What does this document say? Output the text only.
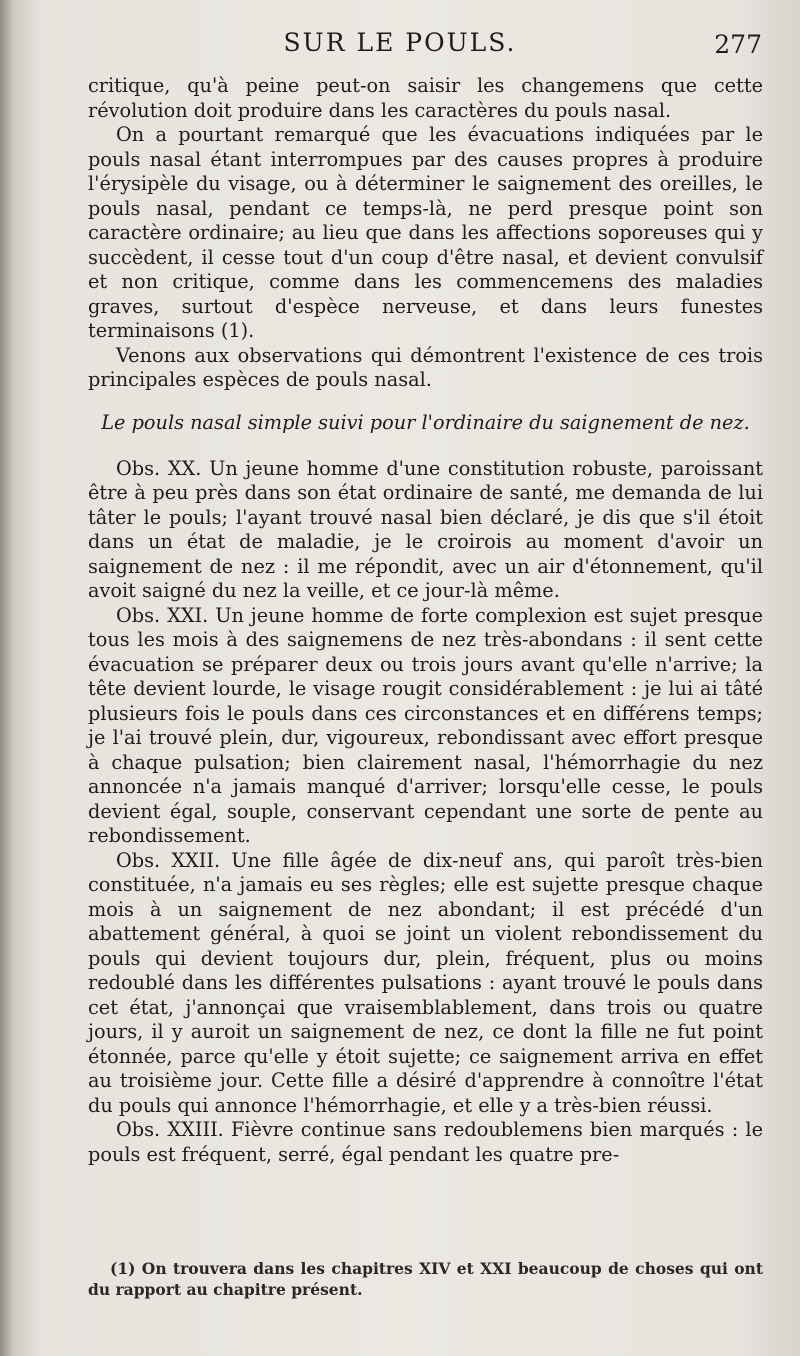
SUR LE POULS.	277

critique, qu'à peine peut-on saisir les changemens que cette révolution doit produire dans les caractères du pouls nasal.

On a pourtant remarqué que les évacuations indiquées par le pouls nasal étant interrompues par des causes propres à produire l'érysipèle du visage, ou à déterminer le saignement des oreilles, le pouls nasal, pendant ce temps-là, ne perd presque point son caractère ordinaire; au lieu que dans les affections soporeuses qui y succèdent, il cesse tout d'un coup d'être nasal, et devient convulsif et non critique, comme dans les commencemens des maladies graves, surtout d'espèce nerveuse, et dans leurs funestes terminaisons (1).

Venons aux observations qui démontrent l'existence de ces trois principales espèces de pouls nasal.

Le pouls nasal simple suivi pour l'ordinaire du saignement de nez.

Obs. XX. Un jeune homme d'une constitution robuste, paroissant être à peu près dans son état ordinaire de santé, me demanda de lui tâter le pouls; l'ayant trouvé nasal bien déclaré, je dis que s'il étoit dans un état de maladie, je le croirois au moment d'avoir un saignement de nez : il me répondit, avec un air d'étonnement, qu'il avoit saigné du nez la veille, et ce jour-là même.

Obs. XXI. Un jeune homme de forte complexion est sujet presque tous les mois à des saignemens de nez très-abondans : il sent cette évacuation se préparer deux ou trois jours avant qu'elle n'arrive; la tête devient lourde, le visage rougit considérablement : je lui ai tâté plusieurs fois le pouls dans ces circonstances et en différens temps; je l'ai trouvé plein, dur, vigoureux, rebondissant avec effort presque à chaque pulsation; bien clairement nasal, l'hémorrhagie du nez annoncée n'a jamais manqué d'arriver; lorsqu'elle cesse, le pouls devient égal, souple, conservant cependant une sorte de pente au rebondissement.

Obs. XXII. Une fille âgée de dix-neuf ans, qui paroît très-bien constituée, n'a jamais eu ses règles; elle est sujette presque chaque mois à un saignement de nez abondant; il est précédé d'un abattement général, à quoi se joint un violent rebondissement du pouls qui devient toujours dur, plein, fréquent, plus ou moins redoublé dans les différentes pulsations : ayant trouvé le pouls dans cet état, j'annonçai que vraisemblablement, dans trois ou quatre jours, il y auroit un saignement de nez, ce dont la fille ne fut point étonnée, parce qu'elle y étoit sujette; ce saignement arriva en effet au troisième jour. Cette fille a désiré d'apprendre à connoître l'état du pouls qui annonce l'hémorrhagie, et elle y a très-bien réussi.

Obs. XXIII. Fièvre continue sans redoublemens bien marqués : le pouls est fréquent, serré, égal pendant les quatre pre-

(1) On trouvera dans les chapitres XIV et XXI beaucoup de choses qui ont du rapport au chapitre présent.
